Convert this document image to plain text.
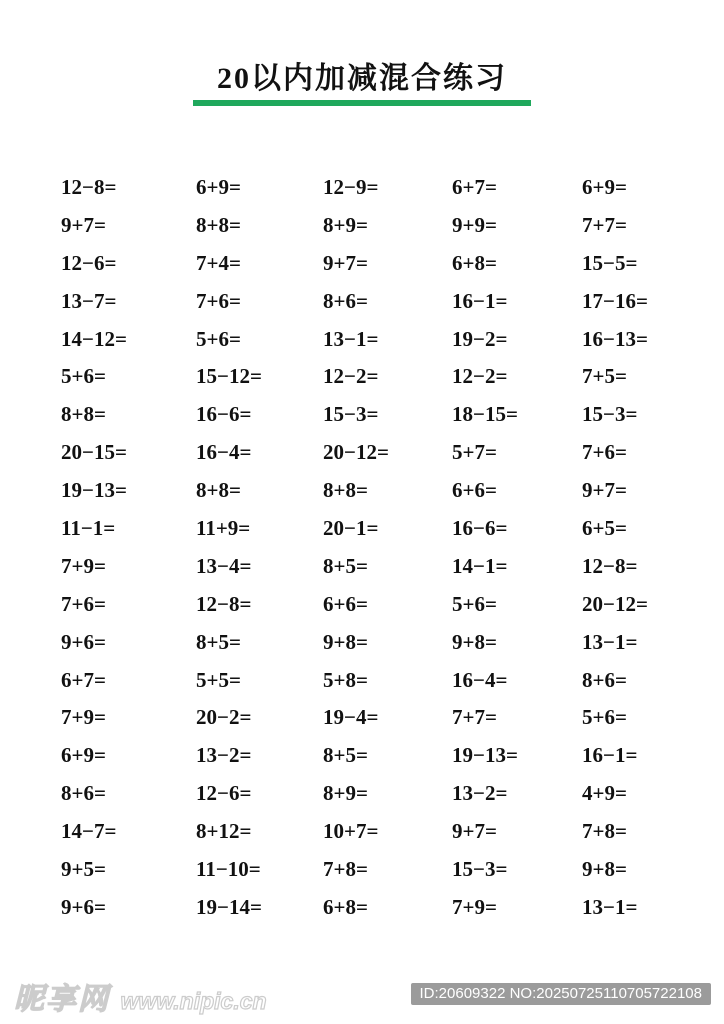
20以内加减混合练习
12−8=	6+9=	12−9=	6+7=	6+9=
9+7=	8+8=	8+9=	9+9=	7+7=
12−6=	7+4=	9+7=	6+8=	15−5=
13−7=	7+6=	8+6=	16−1=	17−16=
14−12=	5+6=	13−1=	19−2=	16−13=
5+6=	15−12=	12−2=	12−2=	7+5=
8+8=	16−6=	15−3=	18−15=	15−3=
20−15=	16−4=	20−12=	5+7=	7+6=
19−13=	8+8=	8+8=	6+6=	9+7=
11−1=	11+9=	20−1=	16−6=	6+5=
7+9=	13−4=	8+5=	14−1=	12−8=
7+6=	12−8=	6+6=	5+6=	20−12=
9+6=	8+5=	9+8=	9+8=	13−1=
6+7=	5+5=	5+8=	16−4=	8+6=
7+9=	20−2=	19−4=	7+7=	5+6=
6+9=	13−2=	8+5=	19−13=	16−1=
8+6=	12−6=	8+9=	13−2=	4+9=
14−7=	8+12=	10+7=	9+7=	7+8=
9+5=	11−10=	7+8=	15−3=	9+8=
9+6=	19−14=	6+8=	7+9=	13−1=
昵享网 www.nipic.cn	ID:20609322 NO:20250725110705722108
